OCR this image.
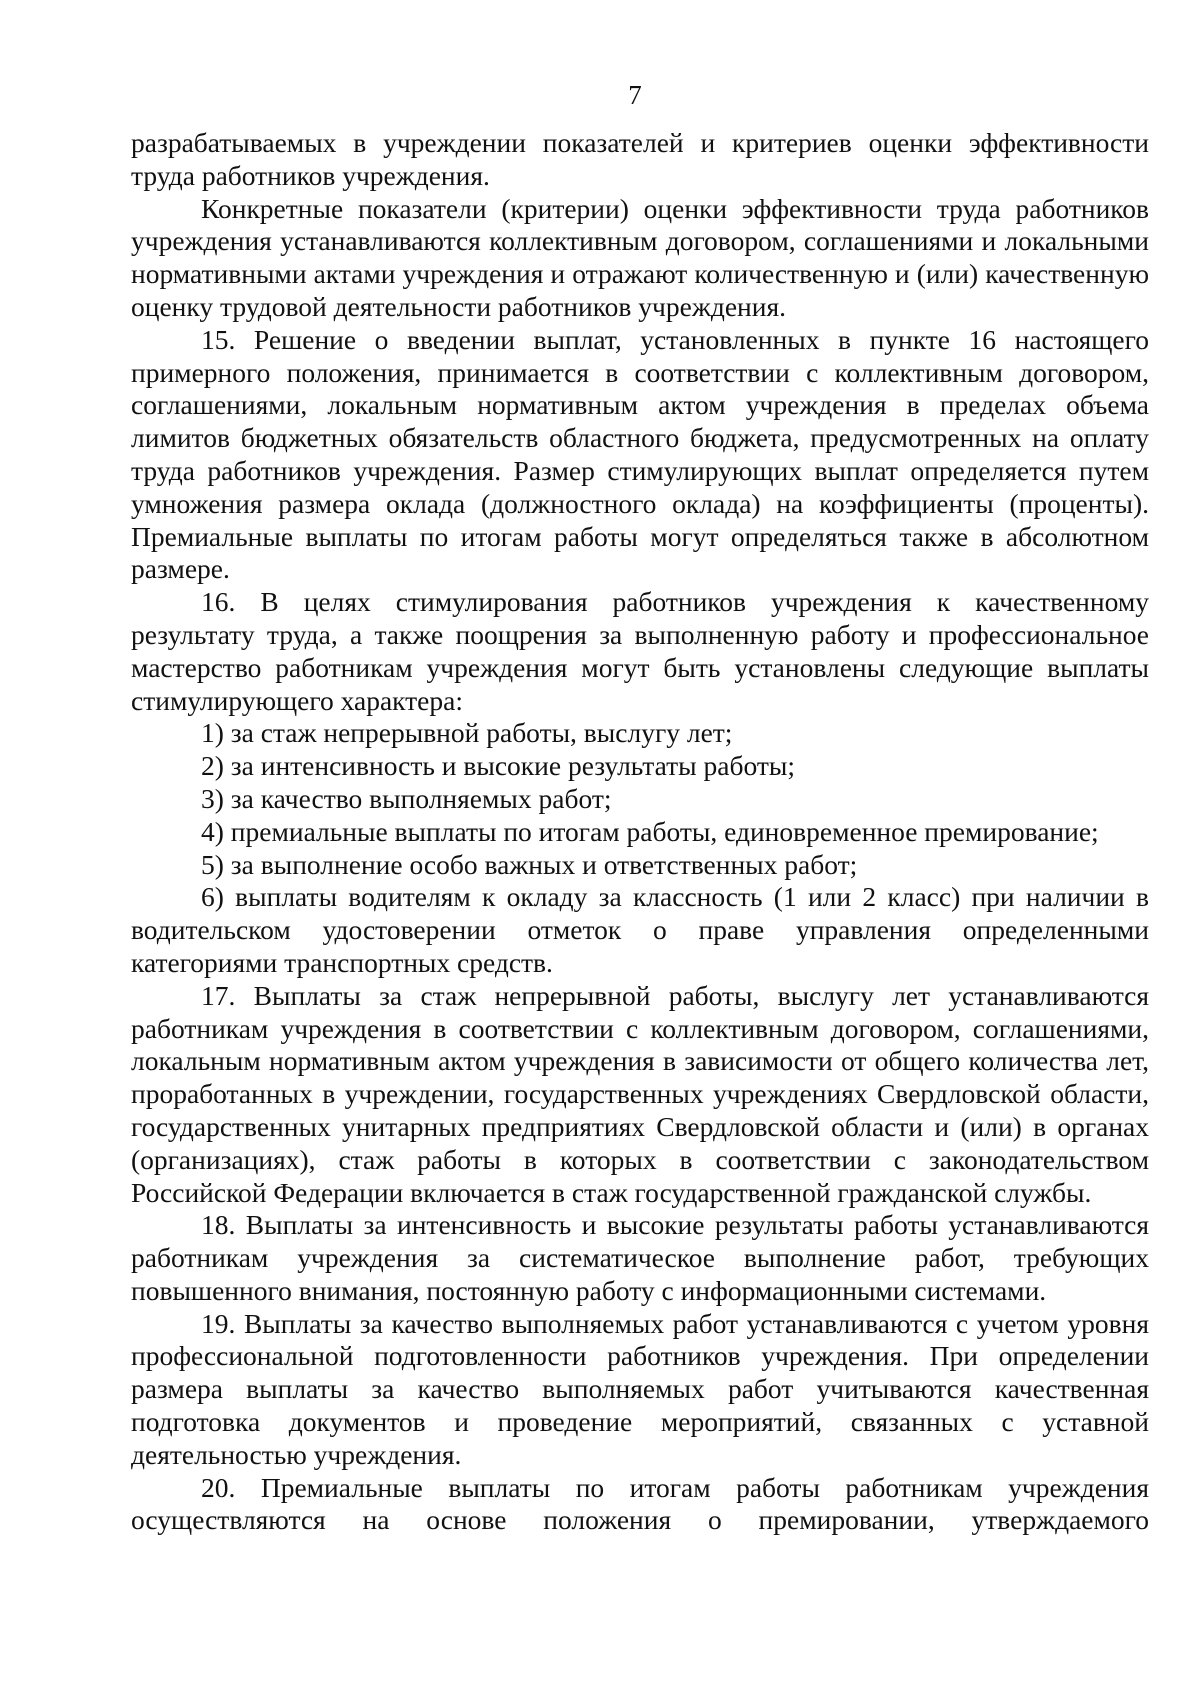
7

разрабатываемых в учреждении показателей и критериев оценки эффективности труда работников учреждения.

Конкретные показатели (критерии) оценки эффективности труда работников учреждения устанавливаются коллективным договором, соглашениями и локальными нормативными актами учреждения и отражают количественную и (или) качественную оценку трудовой деятельности работников учреждения.

15. Решение о введении выплат, установленных в пункте 16 настоящего примерного положения, принимается в соответствии с коллективным договором, соглашениями, локальным нормативным актом учреждения в пределах объема лимитов бюджетных обязательств областного бюджета, предусмотренных на оплату труда работников учреждения. Размер стимулирующих выплат определяется путем умножения размера оклада (должностного оклада) на коэффициенты (проценты). Премиальные выплаты по итогам работы могут определяться также в абсолютном размере.

16. В целях стимулирования работников учреждения к качественному результату труда, а также поощрения за выполненную работу и профессиональное мастерство работникам учреждения могут быть установлены следующие выплаты стимулирующего характера:

1) за стаж непрерывной работы, выслугу лет;

2) за интенсивность и высокие результаты работы;

3) за качество выполняемых работ;

4) премиальные выплаты по итогам работы, единовременное премирование;

5) за выполнение особо важных и ответственных работ;

6) выплаты водителям к окладу за классность (1 или 2 класс) при наличии в водительском удостоверении отметок о праве управления определенными категориями транспортных средств.

17. Выплаты за стаж непрерывной работы, выслугу лет устанавливаются работникам учреждения в соответствии с коллективным договором, соглашениями, локальным нормативным актом учреждения в зависимости от общего количества лет, проработанных в учреждении, государственных учреждениях Свердловской области, государственных унитарных предприятиях Свердловской области и (или) в органах (организациях), стаж работы в которых в соответствии с законодательством Российской Федерации включается в стаж государственной гражданской службы.

18. Выплаты за интенсивность и высокие результаты работы устанавливаются работникам учреждения за систематическое выполнение работ, требующих повышенного внимания, постоянную работу с информационными системами.

19. Выплаты за качество выполняемых работ устанавливаются с учетом уровня профессиональной подготовленности работников учреждения. При определении размера выплаты за качество выполняемых работ учитываются качественная подготовка документов и проведение мероприятий, связанных с уставной деятельностью учреждения.

20. Премиальные выплаты по итогам работы работникам учреждения осуществляются на основе положения о премировании, утверждаемого
